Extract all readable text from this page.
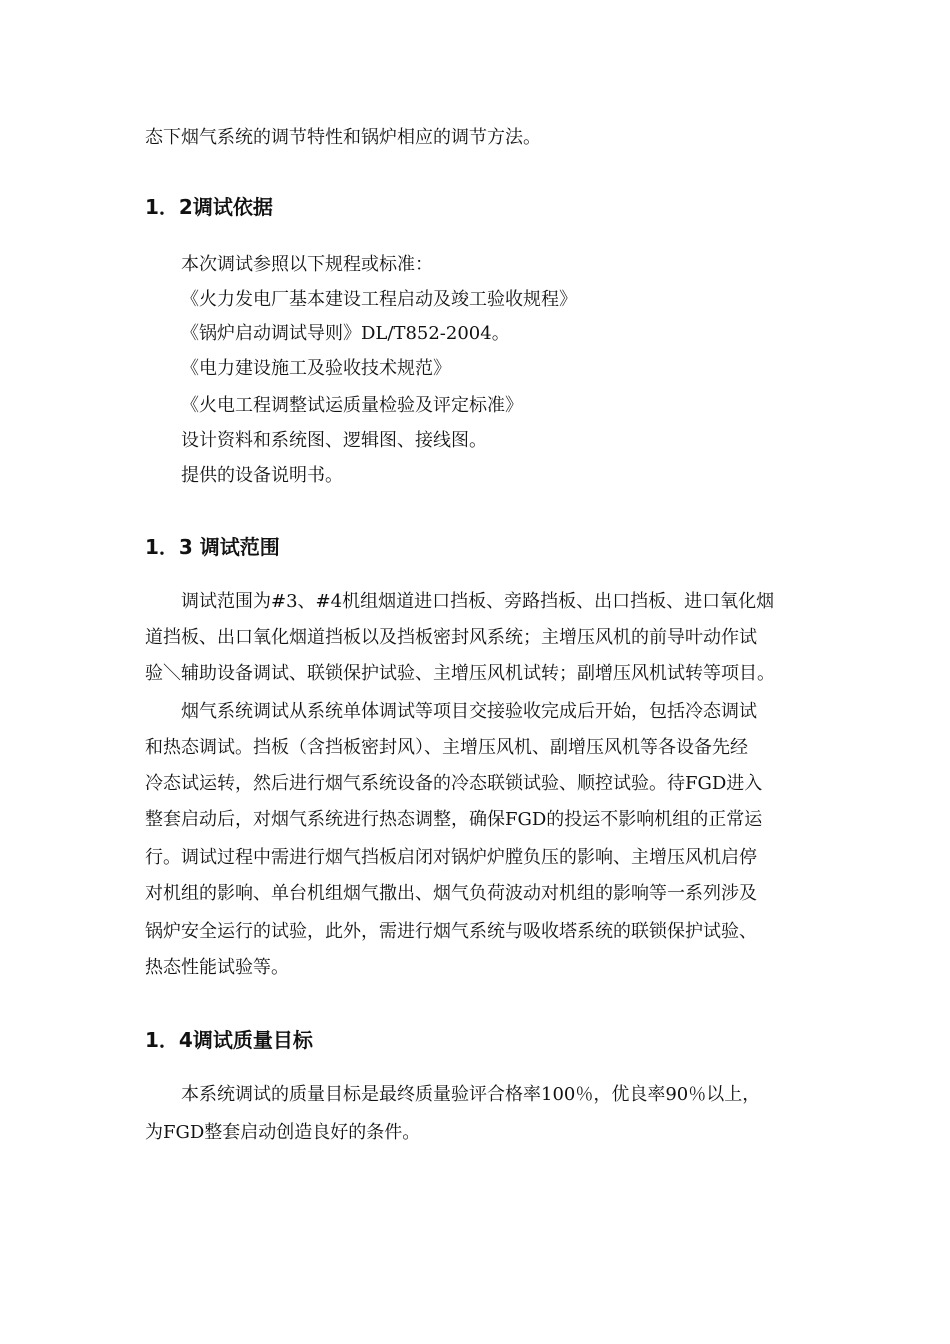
态下烟气系统的调节特性和锅炉相应的调节方法。
1．2调试依据
本次调试参照以下规程或标准：
《火力发电厂基本建设工程启动及竣工验收规程》
《锅炉启动调试导则》DL/T852-2004。
《电力建设施工及验收技术规范》
《火电工程调整试运质量检验及评定标准》
设计资料和系统图、逻辑图、接线图。
提供的设备说明书。
1．3 调试范围
调试范围为#3、#4机组烟道进口挡板、旁路挡板、出口挡板、进口氧化烟
道挡板、出口氧化烟道挡板以及挡板密封风系统；主增压风机的前导叶动作试
验＼辅助设备调试、联锁保护试验、主增压风机试转；副增压风机试转等项目。
烟气系统调试从系统单体调试等项目交接验收完成后开始，包括冷态调试
和热态调试。挡板（含挡板密封风）、主增压风机、副增压风机等各设备先经
冷态试运转，然后进行烟气系统设备的冷态联锁试验、顺控试验。待FGD进入
整套启动后，对烟气系统进行热态调整，确保FGD的投运不影响机组的正常运
行。调试过程中需进行烟气挡板启闭对锅炉炉膛负压的影响、主增压风机启停
对机组的影响、单台机组烟气撒出、烟气负荷波动对机组的影响等一系列涉及
锅炉安全运行的试验，此外，需进行烟气系统与吸收塔系统的联锁保护试验、
热态性能试验等。
1．4调试质量目标
本系统调试的质量目标是最终质量验评合格率100％，优良率90％以上，
为FGD整套启动创造良好的条件。
